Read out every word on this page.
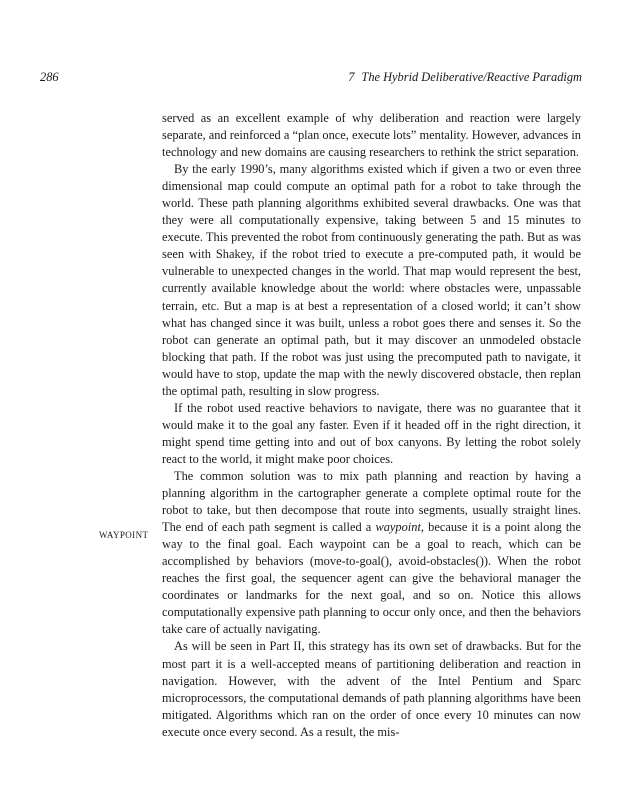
286	7 The Hybrid Deliberative/Reactive Paradigm
WAYPOINT

served as an excellent example of why deliberation and reaction were largely separate, and reinforced a “plan once, execute lots” mentality. However, advances in technology and new domains are causing researchers to rethink the strict separation.

By the early 1990’s, many algorithms existed which if given a two or even three dimensional map could compute an optimal path for a robot to take through the world. These path planning algorithms exhibited several drawbacks. One was that they were all computationally expensive, taking between 5 and 15 minutes to execute. This prevented the robot from continuously generating the path. But as was seen with Shakey, if the robot tried to execute a pre-computed path, it would be vulnerable to unexpected changes in the world. That map would represent the best, currently available knowledge about the world: where obstacles were, unpassable terrain, etc. But a map is at best a representation of a closed world; it can’t show what has changed since it was built, unless a robot goes there and senses it. So the robot can generate an optimal path, but it may discover an unmodeled obstacle blocking that path. If the robot was just using the precomputed path to navigate, it would have to stop, update the map with the newly discovered obstacle, then replan the optimal path, resulting in slow progress.

If the robot used reactive behaviors to navigate, there was no guarantee that it would make it to the goal any faster. Even if it headed off in the right direction, it might spend time getting into and out of box canyons. By letting the robot solely react to the world, it might make poor choices.

The common solution was to mix path planning and reaction by having a planning algorithm in the cartographer generate a complete optimal route for the robot to take, but then decompose that route into segments, usually straight lines. The end of each path segment is called a waypoint, because it is a point along the way to the final goal. Each waypoint can be a goal to reach, which can be accomplished by behaviors (move-to-goal(), avoid-obstacles()). When the robot reaches the first goal, the sequencer agent can give the behavioral manager the coordinates or landmarks for the next goal, and so on. Notice this allows computationally expensive path planning to occur only once, and then the behaviors take care of actually navigating.

As will be seen in Part II, this strategy has its own set of drawbacks. But for the most part it is a well-accepted means of partitioning deliberation and reaction in navigation. However, with the advent of the Intel Pentium and Sparc microprocessors, the computational demands of path planning algorithms have been mitigated. Algorithms which ran on the order of once every 10 minutes can now execute once every second. As a result, the mis-
